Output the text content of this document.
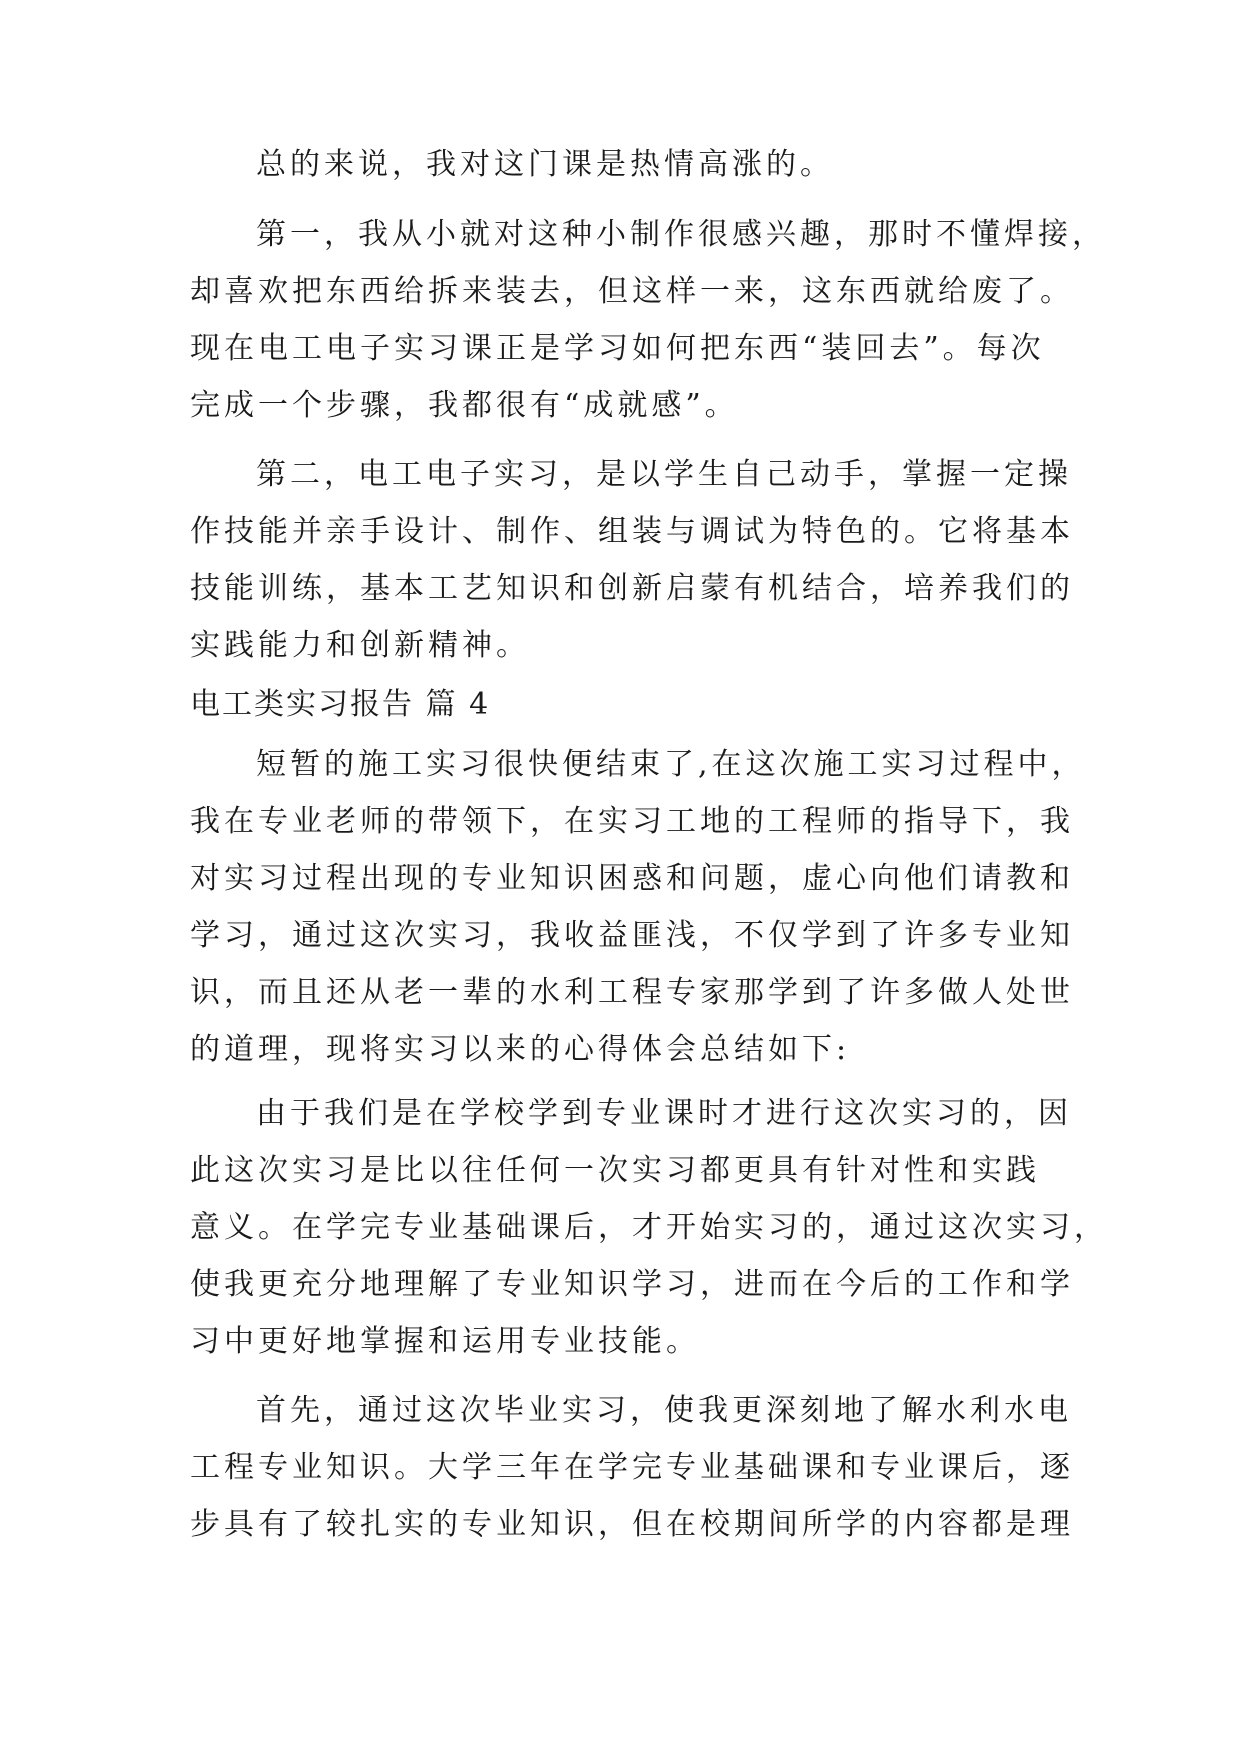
总的来说，我对这门课是热情高涨的。
第一，我从小就对这种小制作很感兴趣，那时不懂焊接，
却喜欢把东西给拆来装去，但这样一来，这东西就给废了。
现在电工电子实习课正是学习如何把东西“装回去”。每次
完成一个步骤，我都很有“成就感”。
第二，电工电子实习，是以学生自己动手，掌握一定操
作技能并亲手设计、制作、组装与调试为特色的。它将基本
技能训练，基本工艺知识和创新启蒙有机结合，培养我们的
实践能力和创新精神。
电工类实习报告 篇 4
短暂的施工实习很快便结束了,在这次施工实习过程中，
我在专业老师的带领下，在实习工地的工程师的指导下，我
对实习过程出现的专业知识困惑和问题，虚心向他们请教和
学习，通过这次实习，我收益匪浅，不仅学到了许多专业知
识，而且还从老一辈的水利工程专家那学到了许多做人处世
的道理，现将实习以来的心得体会总结如下:
由于我们是在学校学到专业课时才进行这次实习的，因
此这次实习是比以往任何一次实习都更具有针对性和实践
意义。在学完专业基础课后，才开始实习的，通过这次实习，
使我更充分地理解了专业知识学习，进而在今后的工作和学
习中更好地掌握和运用专业技能。
首先，通过这次毕业实习，使我更深刻地了解水利水电
工程专业知识。大学三年在学完专业基础课和专业课后，逐
步具有了较扎实的专业知识，但在校期间所学的内容都是理
